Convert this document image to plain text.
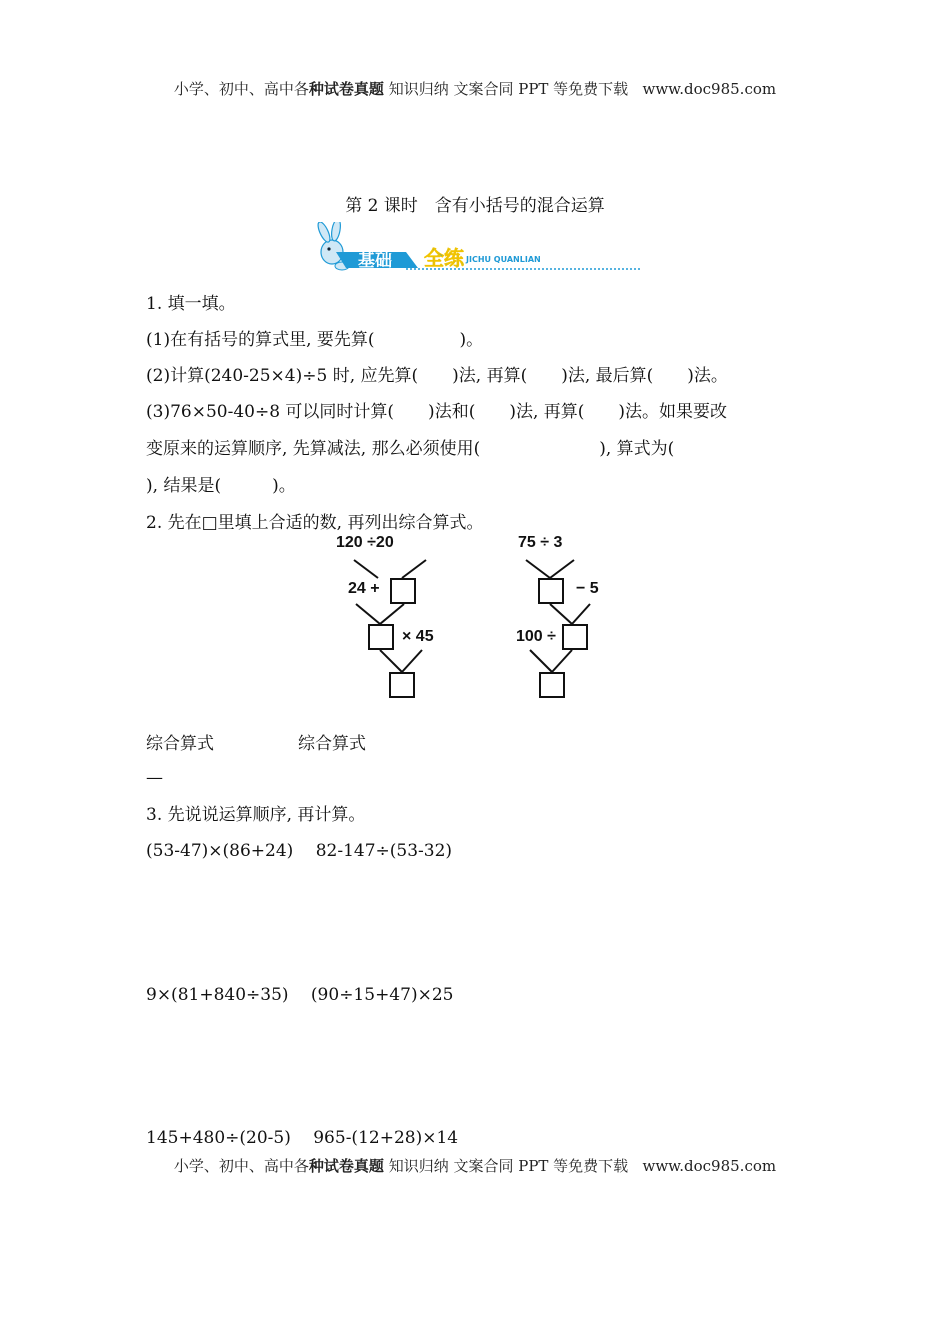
小学、初中、高中各种试卷真题 知识归纳 文案合同 PPT 等免费下载 www.doc985.com
第 2 课时　含有小括号的混合运算
基础 全练 JICHU QUANLIAN
1. 填一填。
(1)在有括号的算式里, 要先算(　　　　　)。
(2)计算(240-25×4)÷5 时, 应先算(　　)法, 再算(　　)法, 最后算(　　)法。
(3)76×50-40÷8 可以同时计算(　　)法和(　　)法, 再算(　　)法。如果要改
变原来的运算顺序, 先算减法, 那么必须使用(　　　　　　　), 算式为(
), 结果是(　　　)。
2. 先在□里填上合适的数, 再列出综合算式。
120 ÷20
24 +
× 45
75 ÷ 3
− 5
100 ÷
综合算式	综合算式
—
3. 先说说运算顺序, 再计算。
(53-47)×(86+24)　 82-147÷(53-32)
9×(81+840÷35)　 (90÷15+47)×25
145+480÷(20-5)　 965-(12+28)×14
小学、初中、高中各种试卷真题 知识归纳 文案合同 PPT 等免费下载 www.doc985.com
